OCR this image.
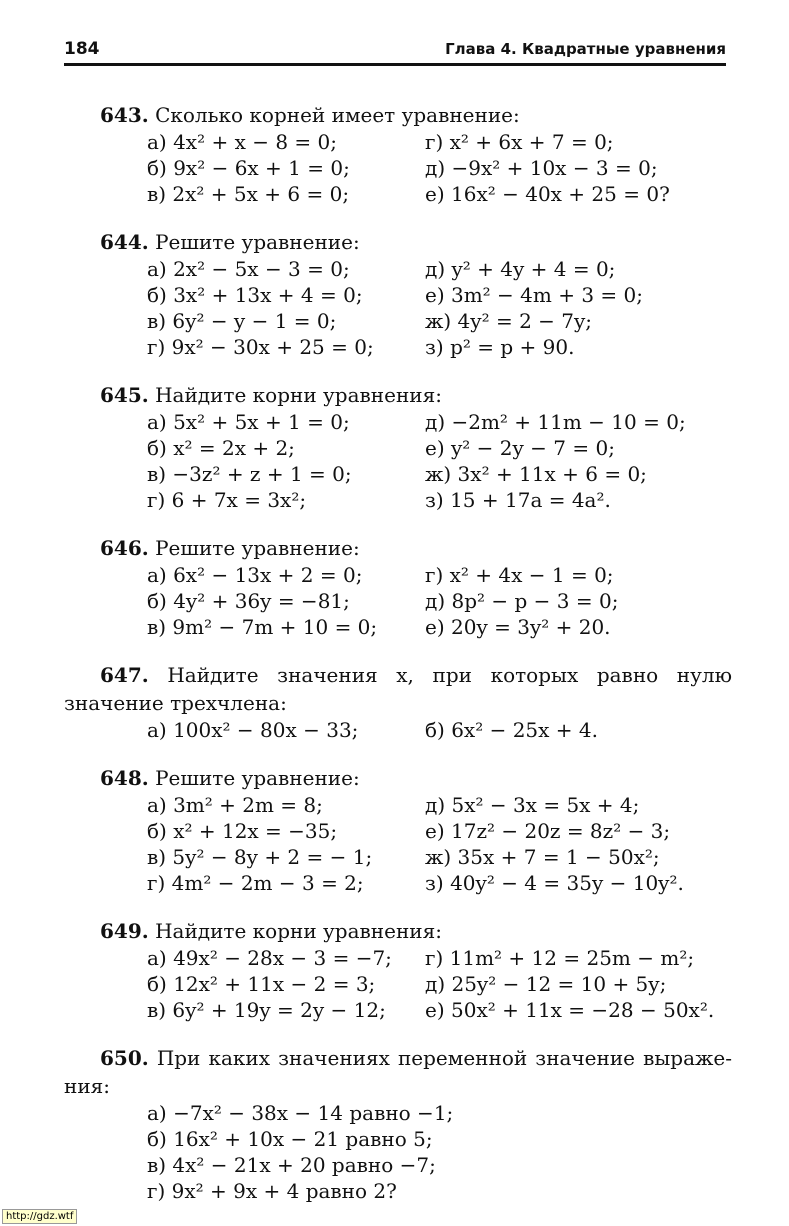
184	Глава 4. Квадратные уравнения
643. Сколько корней имеет уравнение:
а) 4x² + x − 8 = 0;	г) x² + 6x + 7 = 0;
б) 9x² − 6x + 1 = 0;	д) −9x² + 10x − 3 = 0;
в) 2x² + 5x + 6 = 0;	е) 16x² − 40x + 25 = 0?
644. Решите уравнение:
а) 2x² − 5x − 3 = 0;	д) y² + 4y + 4 = 0;
б) 3x² + 13x + 4 = 0;	е) 3m² − 4m + 3 = 0;
в) 6y² − y − 1 = 0;	ж) 4y² = 2 − 7y;
г) 9x² − 30x + 25 = 0;	з) p² = p + 90.
645. Найдите корни уравнения:
а) 5x² + 5x + 1 = 0;	д) −2m² + 11m − 10 = 0;
б) x² = 2x + 2;	е) y² − 2y − 7 = 0;
в) −3z² + z + 1 = 0;	ж) 3x² + 11x + 6 = 0;
г) 6 + 7x = 3x²;	з) 15 + 17a = 4a².
646. Решите уравнение:
а) 6x² − 13x + 2 = 0;	г) x² + 4x − 1 = 0;
б) 4y² + 36y = −81;	д) 8p² − p − 3 = 0;
в) 9m² − 7m + 10 = 0;	е) 20y = 3y² + 20.
647. Найдите значения x, при которых равно нулю значение трехчлена:
а) 100x² − 80x − 33;	б) 6x² − 25x + 4.
648. Решите уравнение:
а) 3m² + 2m = 8;	д) 5x² − 3x = 5x + 4;
б) x² + 12x = −35;	е) 17z² − 20z = 8z² − 3;
в) 5y² − 8y + 2 = − 1;	ж) 35x + 7 = 1 − 50x²;
г) 4m² − 2m − 3 = 2;	з) 40y² − 4 = 35y − 10y².
649. Найдите корни уравнения:
а) 49x² − 28x − 3 = −7;	г) 11m² + 12 = 25m − m²;
б) 12x² + 11x − 2 = 3;	д) 25y² − 12 = 10 + 5y;
в) 6y² + 19y = 2y − 12;	е) 50x² + 11x = −28 − 50x².
650. При каких значениях переменной значение выражения:
а) −7x² − 38x − 14 равно −1;
б) 16x² + 10x − 21 равно 5;
в) 4x² − 21x + 20 равно −7;
г) 9x² + 9x + 4 равно 2?
http://gdz.wtf
